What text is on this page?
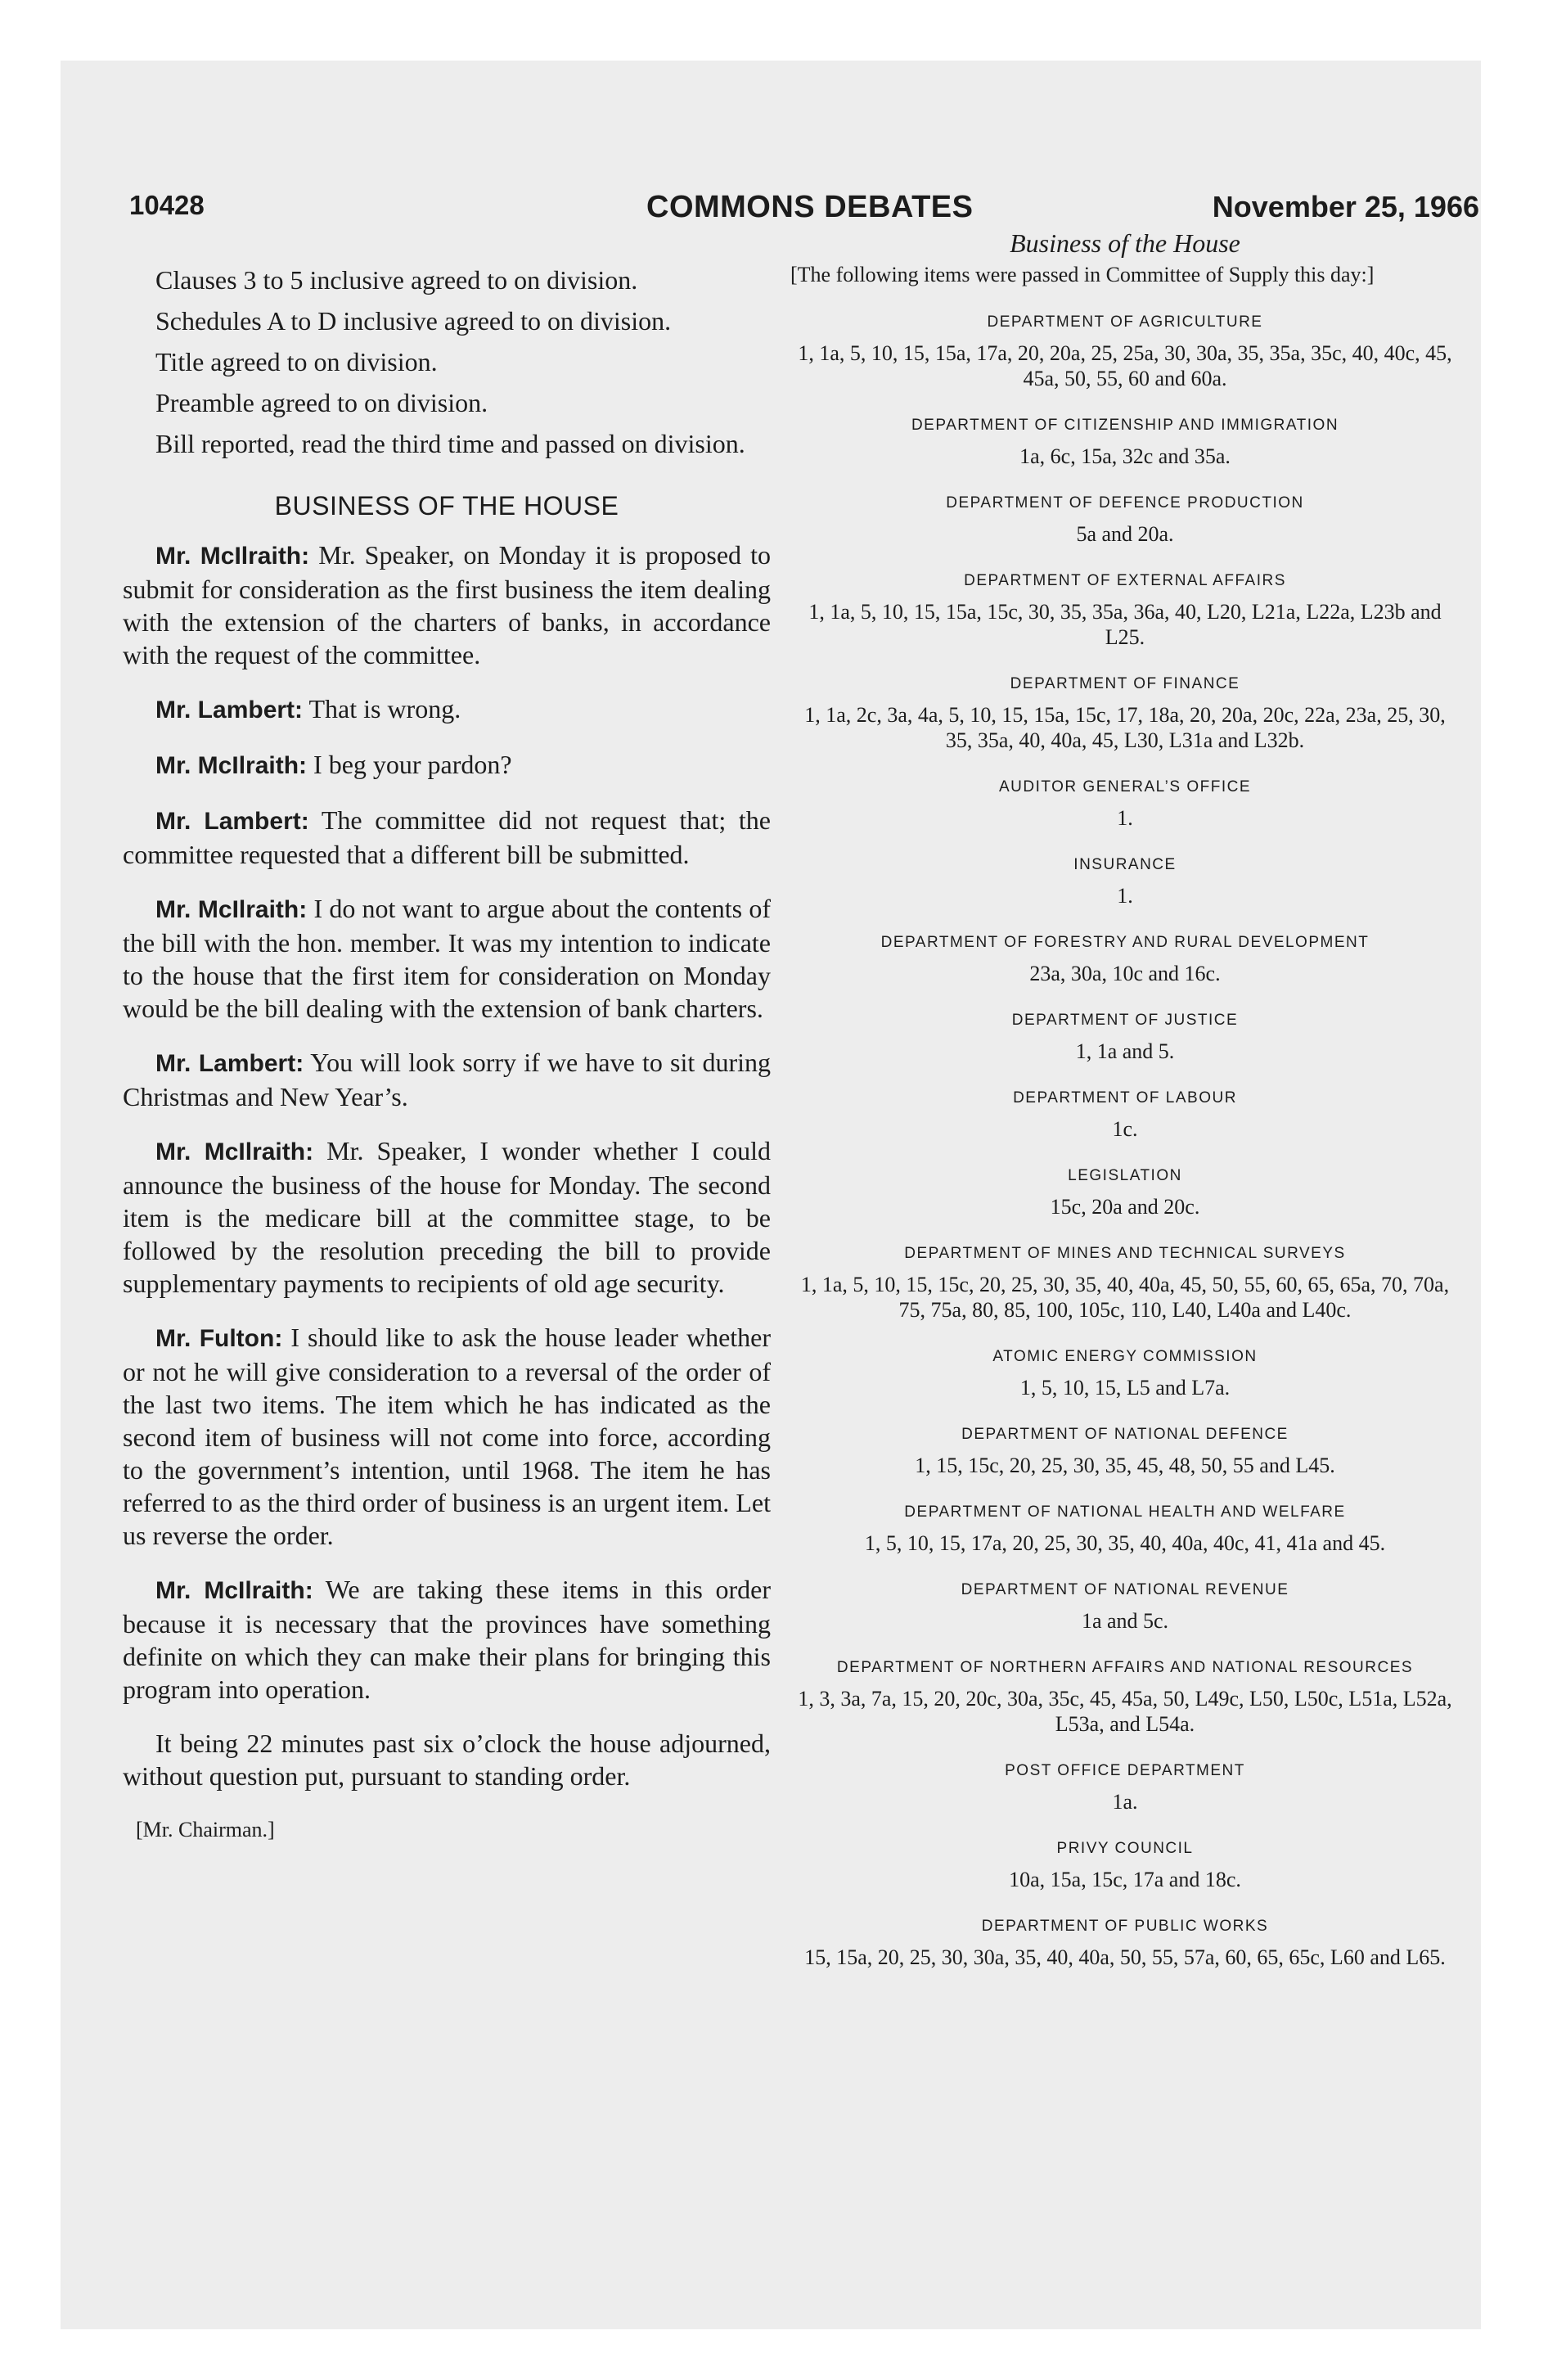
10428	COMMONS DEBATES	November 25, 1966

Clauses 3 to 5 inclusive agreed to on division.

Schedules A to D inclusive agreed to on division.

Title agreed to on division.

Preamble agreed to on division.

Bill reported, read the third time and passed on division.

BUSINESS OF THE HOUSE

Mr. McIlraith: Mr. Speaker, on Monday it is proposed to submit for consideration as the first business the item dealing with the extension of the charters of banks, in accordance with the request of the committee.

Mr. Lambert: That is wrong.

Mr. McIlraith: I beg your pardon?

Mr. Lambert: The committee did not request that; the committee requested that a different bill be submitted.

Mr. McIlraith: I do not want to argue about the contents of the bill with the hon. member. It was my intention to indicate to the house that the first item for consideration on Monday would be the bill dealing with the extension of bank charters.

Mr. Lambert: You will look sorry if we have to sit during Christmas and New Year’s.

Mr. McIlraith: Mr. Speaker, I wonder whether I could announce the business of the house for Monday. The second item is the medicare bill at the committee stage, to be followed by the resolution preceding the bill to provide supplementary payments to recipients of old age security.

Mr. Fulton: I should like to ask the house leader whether or not he will give consideration to a reversal of the order of the last two items. The item which he has indicated as the second item of business will not come into force, according to the government’s intention, until 1968. The item he has referred to as the third order of business is an urgent item. Let us reverse the order.

Mr. McIlraith: We are taking these items in this order because it is necessary that the provinces have something definite on which they can make their plans for bringing this program into operation.

It being 22 minutes past six o’clock the house adjourned, without question put, pursuant to standing order.

[Mr. Chairman.]

Business of the House
[The following items were passed in Committee of Supply this day:]
DEPARTMENT OF AGRICULTURE
1, 1a, 5, 10, 15, 15a, 17a, 20, 20a, 25, 25a, 30, 30a, 35, 35a, 35c, 40, 40c, 45, 45a, 50, 55, 60 and 60a.
DEPARTMENT OF CITIZENSHIP AND IMMIGRATION
1a, 6c, 15a, 32c and 35a.
DEPARTMENT OF DEFENCE PRODUCTION
5a and 20a.
DEPARTMENT OF EXTERNAL AFFAIRS
1, 1a, 5, 10, 15, 15a, 15c, 30, 35, 35a, 36a, 40, L20, L21a, L22a, L23b and L25.
DEPARTMENT OF FINANCE
1, 1a, 2c, 3a, 4a, 5, 10, 15, 15a, 15c, 17, 18a, 20, 20a, 20c, 22a, 23a, 25, 30, 35, 35a, 40, 40a, 45, L30, L31a and L32b.
AUDITOR GENERAL’S OFFICE
1.
INSURANCE
1.
DEPARTMENT OF FORESTRY AND RURAL DEVELOPMENT
23a, 30a, 10c and 16c.
DEPARTMENT OF JUSTICE
1, 1a and 5.
DEPARTMENT OF LABOUR
1c.
LEGISLATION
15c, 20a and 20c.
DEPARTMENT OF MINES AND TECHNICAL SURVEYS
1, 1a, 5, 10, 15, 15c, 20, 25, 30, 35, 40, 40a, 45, 50, 55, 60, 65, 65a, 70, 70a, 75, 75a, 80, 85, 100, 105c, 110, L40, L40a and L40c.
ATOMIC ENERGY COMMISSION
1, 5, 10, 15, L5 and L7a.
DEPARTMENT OF NATIONAL DEFENCE
1, 15, 15c, 20, 25, 30, 35, 45, 48, 50, 55 and L45.
DEPARTMENT OF NATIONAL HEALTH AND WELFARE
1, 5, 10, 15, 17a, 20, 25, 30, 35, 40, 40a, 40c, 41, 41a and 45.
DEPARTMENT OF NATIONAL REVENUE
1a and 5c.
DEPARTMENT OF NORTHERN AFFAIRS AND NATIONAL RESOURCES
1, 3, 3a, 7a, 15, 20, 20c, 30a, 35c, 45, 45a, 50, L49c, L50, L50c, L51a, L52a, L53a, and L54a.
POST OFFICE DEPARTMENT
1a.
PRIVY COUNCIL
10a, 15a, 15c, 17a and 18c.
DEPARTMENT OF PUBLIC WORKS
15, 15a, 20, 25, 30, 30a, 35, 40, 40a, 50, 55, 57a, 60, 65, 65c, L60 and L65.
